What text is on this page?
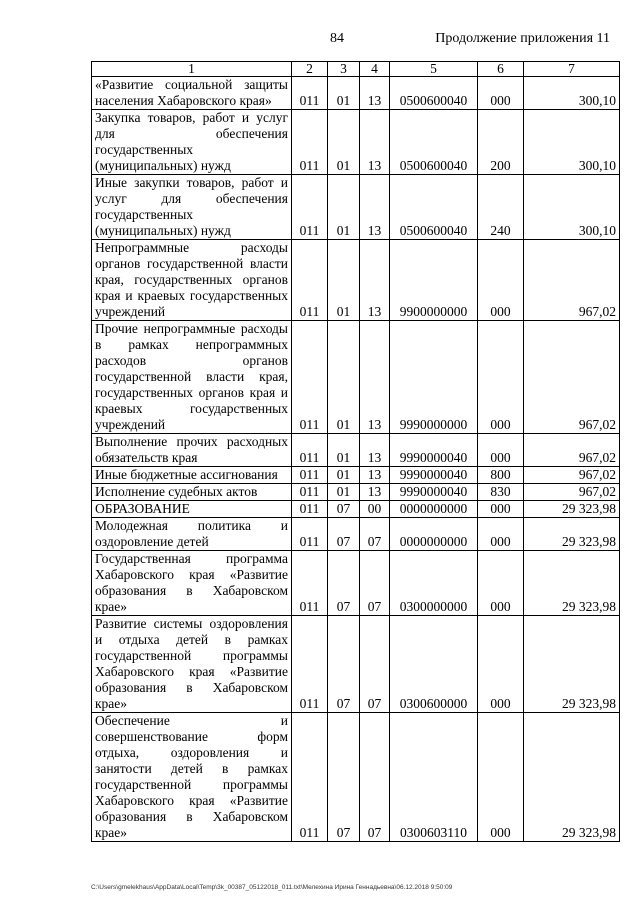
84	Продолжение приложения 11
1	2	3	4	5	6	7
«Развитие социальной защиты населения Хабаровского края»	011	01	13	0500600040	000	300,10
Закупка товаров, работ и услуг для обеспечения государственных (муниципальных) нужд	011	01	13	0500600040	200	300,10
Иные закупки товаров, работ и услуг для обеспечения государственных (муниципальных) нужд	011	01	13	0500600040	240	300,10
Непрограммные расходы органов государственной власти края, государственных органов края и краевых государственных учреждений	011	01	13	9900000000	000	967,02
Прочие непрограммные расходы в рамках непрограммных расходов органов государственной власти края, государственных органов края и краевых государственных учреждений	011	01	13	9990000000	000	967,02
Выполнение прочих расходных обязательств края	011	01	13	9990000040	000	967,02
Иные бюджетные ассигнования	011	01	13	9990000040	800	967,02
Исполнение судебных актов	011	01	13	9990000040	830	967,02
ОБРАЗОВАНИЕ	011	07	00	0000000000	000	29 323,98
Молодежная политика и оздоровление детей	011	07	07	0000000000	000	29 323,98
Государственная программа Хабаровского края «Развитие образования в Хабаровском крае»	011	07	07	0300000000	000	29 323,98
Развитие системы оздоровления и отдыха детей в рамках государственной программы Хабаровского края «Развитие образования в Хабаровском крае»	011	07	07	0300600000	000	29 323,98
Обеспечение и совершенствование форм отдыха, оздоровления и занятости детей в рамках государственной программы Хабаровского края «Развитие образования в Хабаровском крае»	011	07	07	0300603110	000	29 323,98
C:\Users\gmelekhaus\AppData\Local\Temp\3k_00387_05122018_011.txt\Мелехина Ирина Геннадьевна\06.12.2018 9:50:09
